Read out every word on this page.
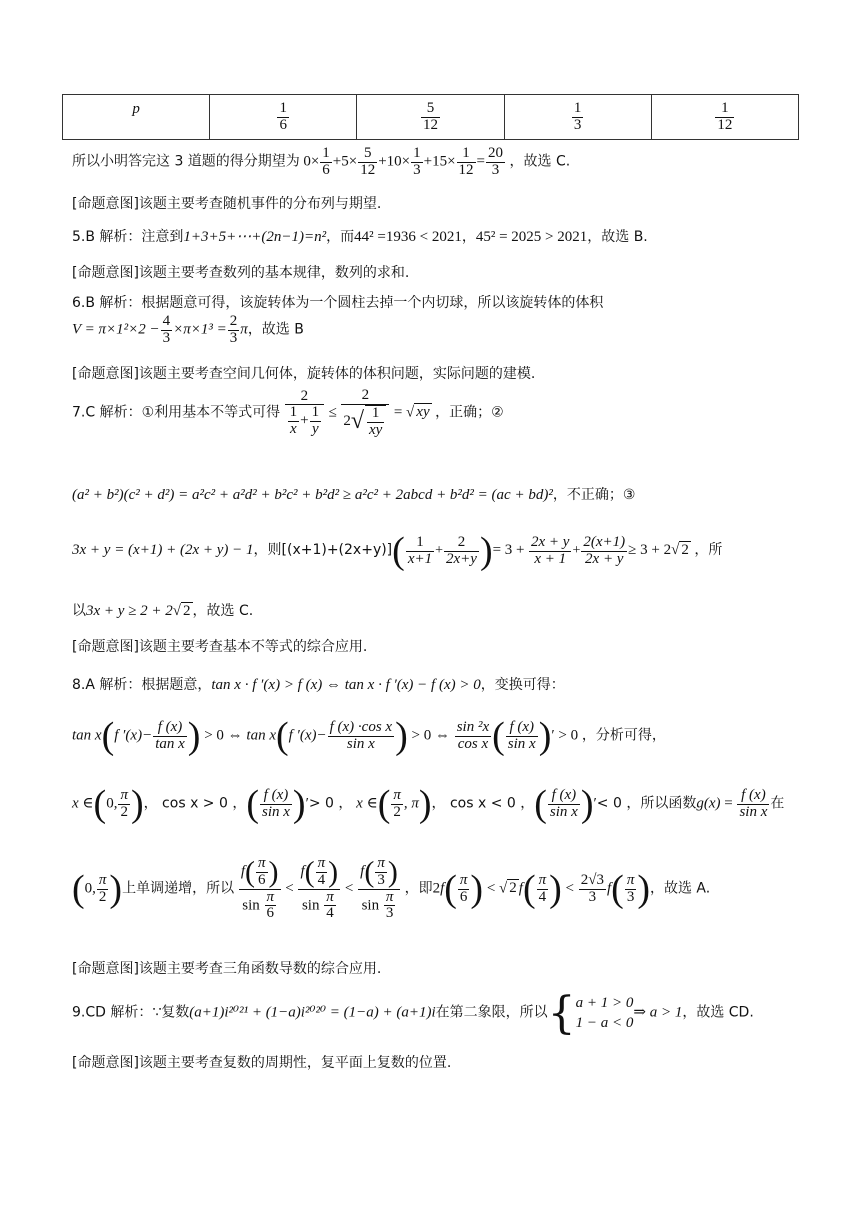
p	$\frac{1}{6}$	$\frac{5}{12}$	$\frac{1}{3}$	$\frac{1}{12}$
所以小明答完这 3 道题的得分期望为 $0\times \frac{1}{6} +5\times \frac{5}{12} +10\times \frac{1}{3} +15\times \frac{1}{12} = \frac{20}{3}$ ，故选 C.
[命题意图]该题主要考查随机事件的分布列与期望.
5.B 解析：注意到1+3+5+⋯+(2n−1)=n²，而44² =1936 < 2021，45² = 2025 > 2021，故选 B.
[命题意图]该题主要考查数列的基本规律，数列的求和.
6.B 解析：根据题意可得，该旋转体为一个圆柱去掉一个内切球，所以该旋转体的体积
$V = \pi\times 1^2\times 2 - \frac{4}{3} \times\pi\times 1^3 = \frac{2}{3}$ π，故选 B
[命题意图]该题主要考查空间几何体，旋转体的体积问题，实际问题的建模.
7.C 解析：①利用基本不等式可得 $\frac{2}{\frac{1}{x} + \frac{1}{y}} \le \frac{2}{2√ \frac{1}{xy}}$ = √ xy ，正确；②
(a² + b²)(c² + d²) = a²c² + a²d² + b²c² + b²d² ≥ a²c² + 2abcd + b²d² = (ac + bd)²，不正确；③
3x + y = (x+1) + (2x + y) − 1，则$[(x+1)+(2x+y)]( \frac{1}{x+1} + \frac{2}{2x+y}$ )= $3 + \frac{2x + y}{x + 1} + \frac{2(x+1)}{2x + y} \ge 3 + 2√$ 2 ，所
以3x + y ≥ 2 + 2√ 2 ，故选 C.
[命题意图]该题主要考查基本不等式的综合应用.
8.A 解析：根据题意，tan x · f ′(x) > f (x) ⇔ tan x · f ′(x) − f (x) > 0，变换可得：
tan x(f $'(x)- \frac{f (x)}{\text{tan x}}$ ) > 0 ⇔ tan x(f $'(x)- \frac{\text{f (x) ·cos x}}{\text{sin x}}$ ) > 0 ⇔ $\frac{\text{sin ²x}}{\text{cos x}}$ ( $\frac{f (x)}{\text{sin x}}$ )′ > 0 ，分析可得，
x ∈(0, $\frac{\pi}{2}$ )， cos x > 0 ，( $\frac{f (x)}{\text{sin x}}$ )′> 0 ， x ∈( $\frac{\pi}{2}$ , π)， cos x < 0 ，( $\frac{f (x)}{\text{sin x}}$ )′< 0 ，所以函数$g(x) = \frac{f (x)}{\text{sin x}}$ 在
(0, $\frac{\pi}{2}$ )上单调递增，所以 $\frac{f( \frac{\pi}{6} )}{\sin \frac{\pi}{6}} < \frac{f( \frac{\pi}{4} )}{\sin \frac{\pi}{4}} < \frac{f( \frac{\pi}{3} )}{\sin \frac{\pi}{3}}$ ，即$2f( \frac{\pi}{6}$ ) < √ 2 $f( \frac{\pi}{4}$ ) < $\frac{2√3}{3} f( \frac{\pi}{3}$ )，故选 A.
[命题意图]该题主要考查三角函数导数的综合应用.
9.CD 解析：∵复数(a+1)i²⁰²¹ + (1−a)i²⁰²⁰ = (1−a) + (a+1)i在第二象限，所以{ a + 1 > 0
1 − a < 0
⇒ a > 1，故选 CD.
[命题意图]该题主要考查复数的周期性，复平面上复数的位置.
